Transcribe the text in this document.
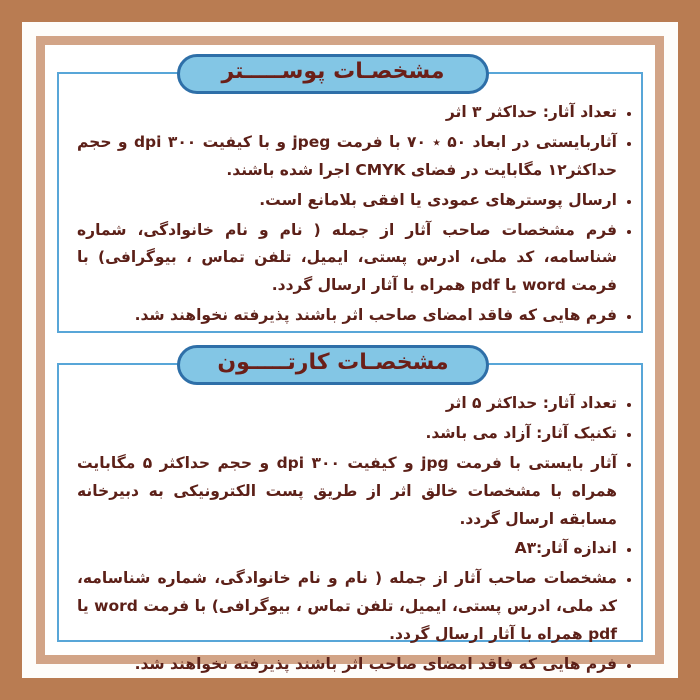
• تعداد آثار: حداکثر ۳ اثر
• آثاربایستی در ابعاد ۵۰ ٭ ۷۰ با فرمت jpeg و با کیفیت ۳۰۰ dpi و حجم حداکثر۱۲ مگابایت در فضای CMYK اجرا شده باشند.
• ارسال پوسترهای عمودی یا افقی بلامانع است.
• فرم مشخصات صاحب آثار از جمله ( نام و نام خانوادگی، شماره شناسامه، کد ملی، ادرس پستی، ایمیل، تلفن تماس ، بیوگرافی) با فرمت word یا pdf همراه با آثار ارسال گردد.
• فرم هایی که فاقد امضای صاحب اثر باشند پذیرفته نخواهند شد.
مشخصـات پوســـــتر
• تعداد آثار: حداکثر ۵ اثر
• تکنیک آثار: آزاد می باشد.
• آثار بایستی با فرمت jpg و کیفیت ۳۰۰ dpi و حجم حداکثر ۵ مگابایت همراه با مشخصات خالق اثر از طریق پست الکترونیکی به دبیرخانه مسابقه ارسال گردد.
• اندازه آثار:A۳
• مشخصات صاحب آثار از جمله ( نام و نام خانوادگی، شماره شناسامه، کد ملی، ادرس پستی، ایمیل، تلفن تماس ، بیوگرافی) با فرمت word یا pdf همراه با آثار ارسال گردد.
• فرم هایی که فاقد امضای صاحب اثر باشند پذیرفته نخواهند شد.
مشخصـات کارتـــــون
